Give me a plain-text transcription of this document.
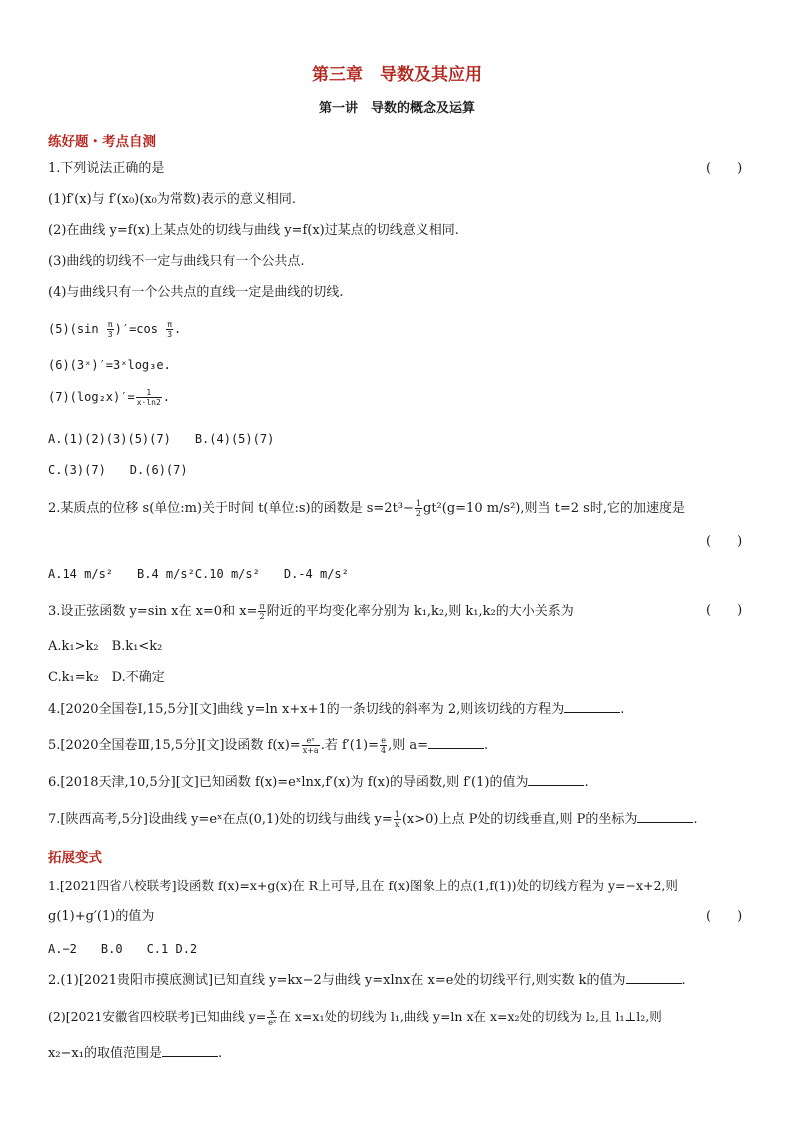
第三章　导数及其应用
第一讲　导数的概念及运算
练好题・考点自测
1.下列说法正确的是	(　　)
(1)f′(x)与 f′(x₀)(x₀为常数)表示的意义相同.
(2)在曲线 y=f(x)上某点处的切线与曲线 y=f(x)过某点的切线意义相同.
(3)曲线的切线不一定与曲线只有一个公共点.
(4)与曲线只有一个公共点的直线一定是曲线的切线.
$(5)(\sin \frac{\pi}{3} )'=\cos \frac{\pi}{3}$ .
(6)(3ˣ)′=3ˣlog₃e.
$(7)(\log_2x)'= \frac{1}{x\cdot\ln 2}$ .
A.(1)(2)(3)(5)(7)　　B.(4)(5)(7)
C.(3)(7)　　D.(6)(7)
2.某质点的位移 s(单位:m)关于时间 t(单位:s)的函数是 $s=2t^3- \frac{1}{2} gt^2(g=10$ m/s²),则当 t=2 s时,它的加速度是
(　　)
A.14 m/s²　　B.4 m/s²C.10 m/s²　　D.-4 m/s²
3.设正弦函数 y=sin x在 x=0和 $x= \frac{\pi}{2}$ 附近的平均变化率分别为 k₁,k₂,则 k₁,k₂的大小关系为	(　　)
A.k₁>k₂　B.k₁<k₂
C.k₁=k₂　D.不确定
4.[2020全国卷Ⅰ,15,5分][文]曲线 y=ln x+x+1的一条切线的斜率为 2,则该切线的方程为	.
5.[2020全国卷Ⅲ,15,5分][文]设函数 $f(x)= \frac{\text{eˣ}}{x+a}$ .若 $f'(1)= \frac{e}{4}$ ,则 a=	.
6.[2018天津,10,5分][文]已知函数 f(x)=eˣlnx,f′(x)为 f(x)的导函数,则 f′(1)的值为	.
7.[陕西高考,5分]设曲线 y=eˣ在点(0,1)处的切线与曲线 $y= \frac{1}{x} (x>0)$上点 P处的切线垂直,则 P的坐标为	.
拓展变式
1.[2021四省八校联考]设函数 f(x)=x+g(x)在 R上可导,且在 f(x)图象上的点(1,f(1))处的切线方程为 y=−x+2,则
g(1)+g′(1)的值为	(　　)
A.−2　　B.0　　C.1 D.2
2.(1)[2021贵阳市摸底测试]已知直线 y=kx−2与曲线 y=xlnx在 x=e处的切线平行,则实数 k的值为	.
(2)[2021安徽省四校联考]已知曲线 $y= \frac{x}{\text{eˣ}}$ 在 x=x₁处的切线为 l₁,曲线 y=ln x在 x=x₂处的切线为 l₂,且 l₁⊥l₂,则
x₂−x₁的取值范围是	.
